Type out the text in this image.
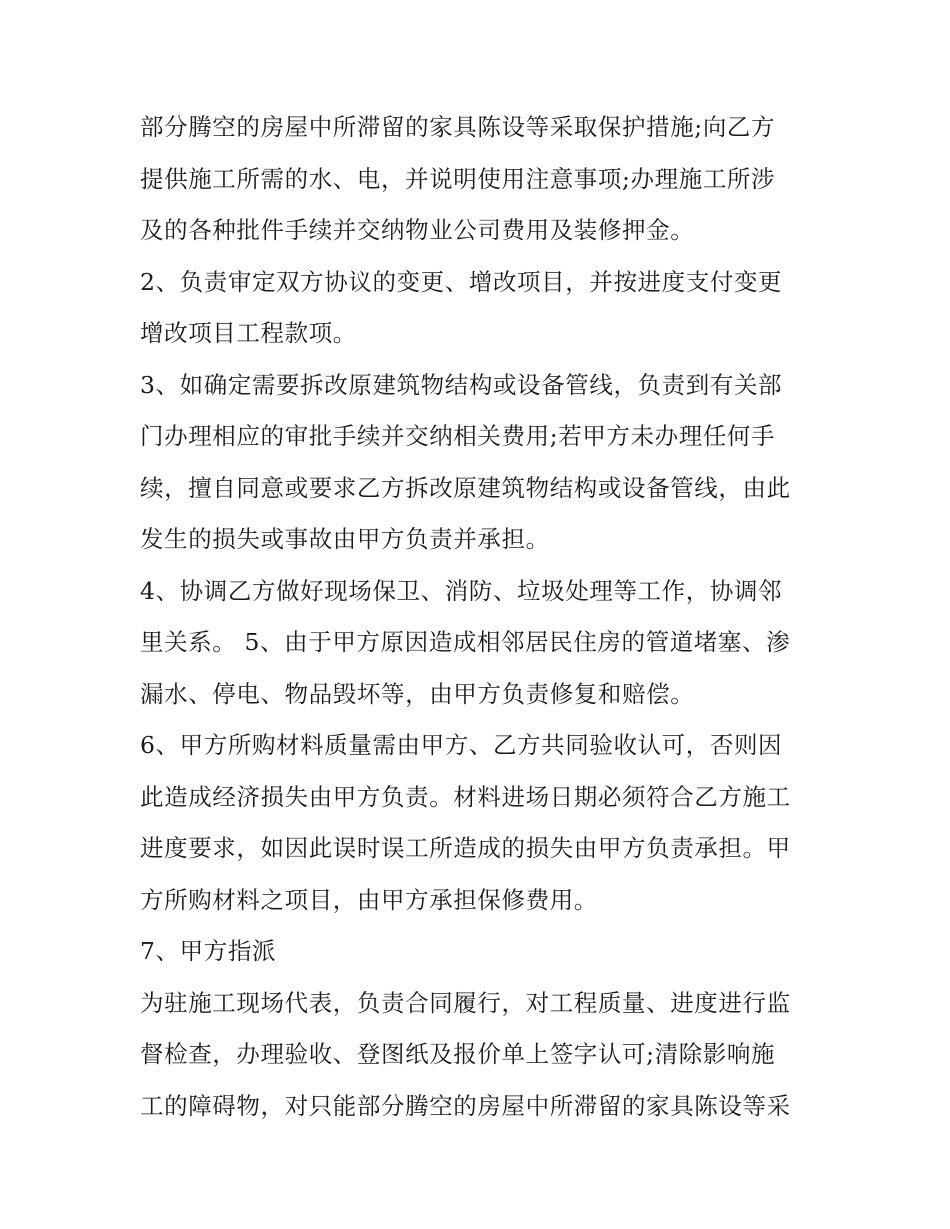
部分腾空的房屋中所滞留的家具陈设等采取保护措施;向乙方
提供施工所需的水、电，并说明使用注意事项;办理施工所涉
及的各种批件手续并交纳物业公司费用及装修押金。
2、负责审定双方协议的变更、增改项目，并按进度支付变更
增改项目工程款项。
3、如确定需要拆改原建筑物结构或设备管线，负责到有关部
门办理相应的审批手续并交纳相关费用;若甲方未办理任何手
续，擅自同意或要求乙方拆改原建筑物结构或设备管线，由此
发生的损失或事故由甲方负责并承担。
4、协调乙方做好现场保卫、消防、垃圾处理等工作，协调邻
里关系。 5、由于甲方原因造成相邻居民住房的管道堵塞、渗
漏水、停电、物品毁坏等，由甲方负责修复和赔偿。
6、甲方所购材料质量需由甲方、乙方共同验收认可，否则因
此造成经济损失由甲方负责。材料进场日期必须符合乙方施工
进度要求，如因此误时误工所造成的损失由甲方负责承担。甲
方所购材料之项目，由甲方承担保修费用。
7、甲方指派
为驻施工现场代表，负责合同履行，对工程质量、进度进行监
督检查，办理验收、登图纸及报价单上签字认可;清除影响施
工的障碍物，对只能部分腾空的房屋中所滞留的家具陈设等采
